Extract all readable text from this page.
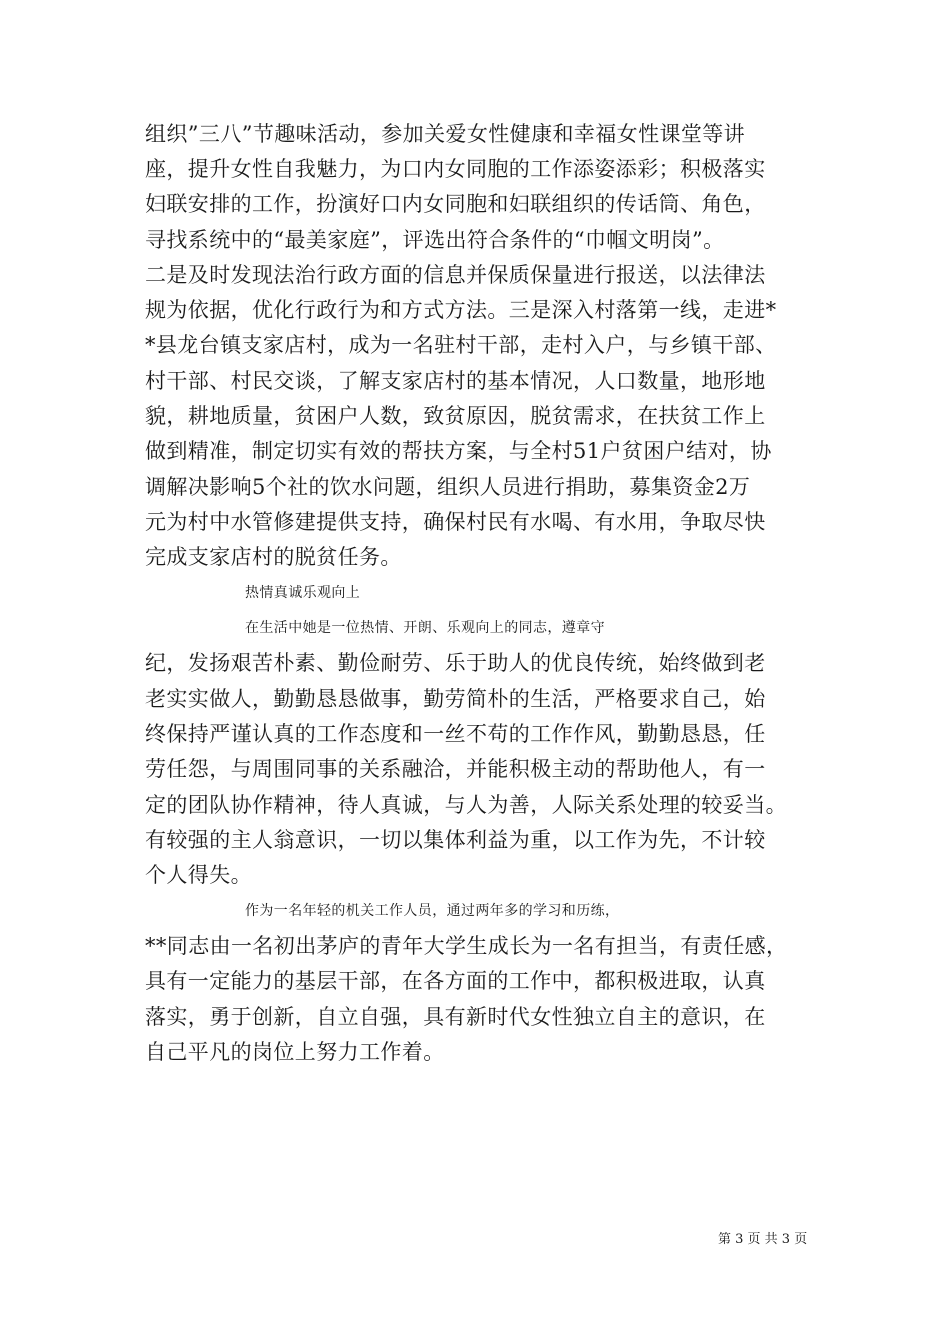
组织”三八”节趣味活动，参加关爱女性健康和幸福女性课堂等讲
座，提升女性自我魅力，为口内女同胞的工作添姿添彩；积极落实
妇联安排的工作，扮演好口内女同胞和妇联组织的传话筒、角色，
寻找系统中的“最美家庭”，评选出符合条件的“巾帼文明岗”。
二是及时发现法治行政方面的信息并保质保量进行报送，以法律法
规为依据，优化行政行为和方式方法。三是深入村落第一线，走进*
*县龙台镇支家店村，成为一名驻村干部，走村入户，与乡镇干部、
村干部、村民交谈，了解支家店村的基本情况，人口数量，地形地
貌，耕地质量，贫困户人数，致贫原因，脱贫需求，在扶贫工作上
做到精准，制定切实有效的帮扶方案，与全村51户贫困户结对，协
调解决影响5个社的饮水问题，组织人员进行捐助，募集资金2万
元为村中水管修建提供支持，确保村民有水喝、有水用，争取尽快
完成支家店村的脱贫任务。
热情真诚乐观向上
在生活中她是一位热情、开朗、乐观向上的同志，遵章守
纪，发扬艰苦朴素、勤俭耐劳、乐于助人的优良传统，始终做到老
老实实做人，勤勤恳恳做事，勤劳简朴的生活，严格要求自己，始
终保持严谨认真的工作态度和一丝不苟的工作作风，勤勤恳恳，任
劳任怨，与周围同事的关系融洽，并能积极主动的帮助他人，有一
定的团队协作精神，待人真诚，与人为善，人际关系处理的较妥当。
有较强的主人翁意识，一切以集体利益为重，以工作为先，不计较
个人得失。
作为一名年轻的机关工作人员，通过两年多的学习和历练，
**同志由一名初出茅庐的青年大学生成长为一名有担当，有责任感，
具有一定能力的基层干部，在各方面的工作中，都积极进取，认真
落实，勇于创新，自立自强，具有新时代女性独立自主的意识，在
自己平凡的岗位上努力工作着。
第 3 页 共 3 页
